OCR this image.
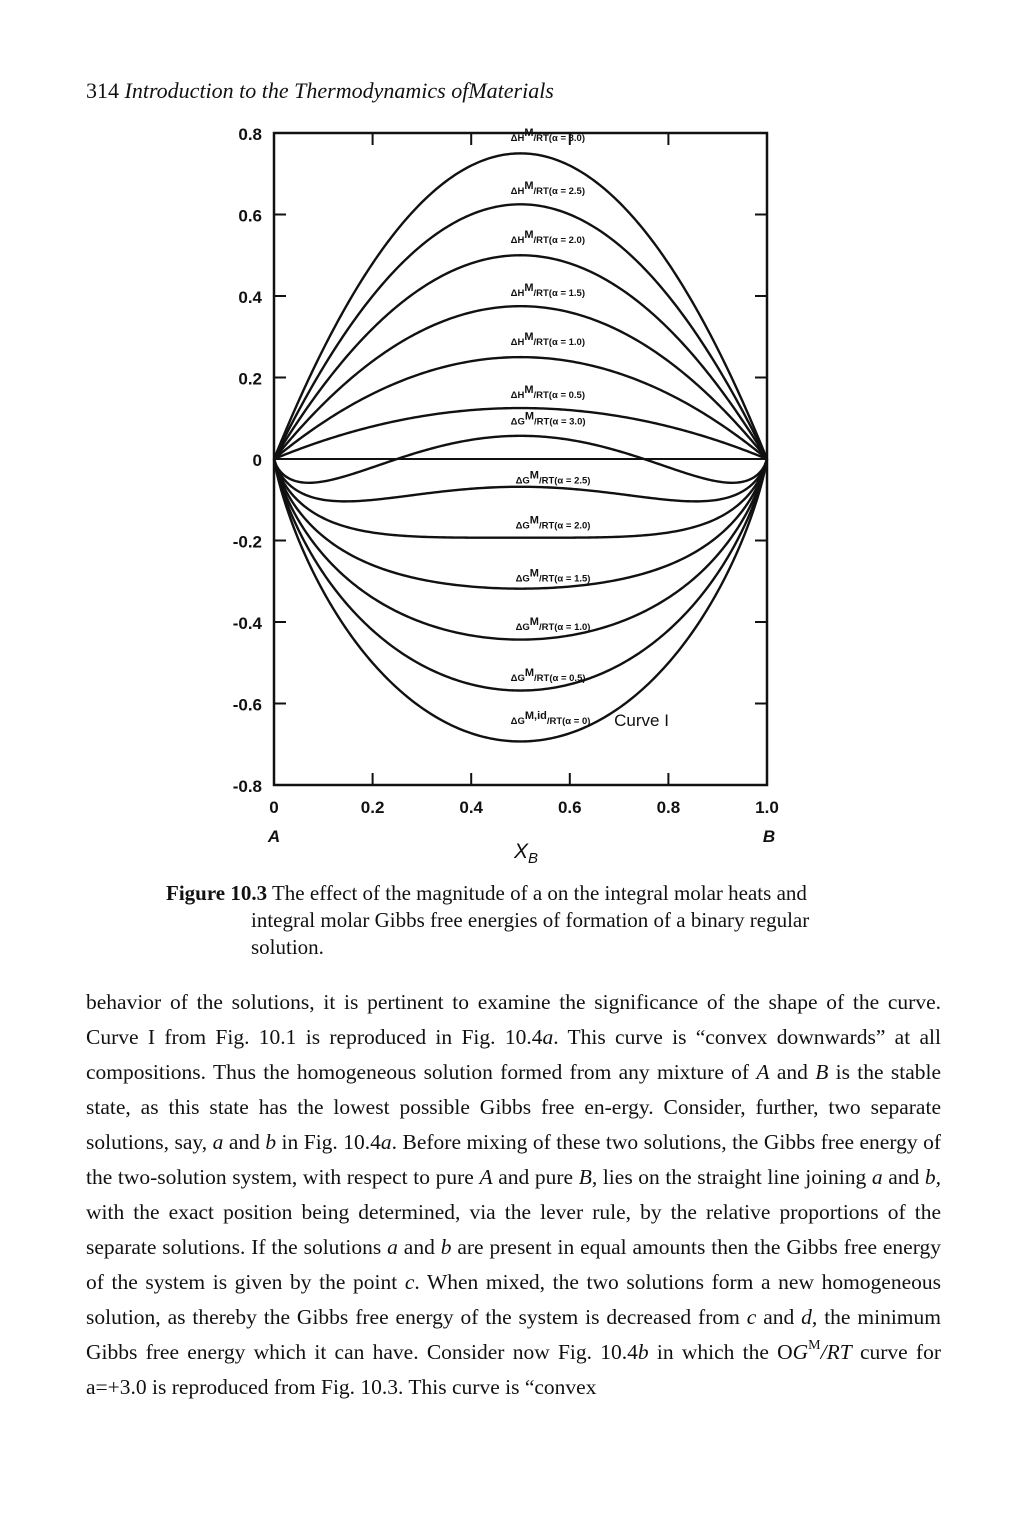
314 Introduction to the Thermodynamics ofMaterials
0.8
0.6
0.4
0.2
0
-0.2
-0.4
-0.6
-0.8
0	0.2	0.4	0.6	0.8	1.0
A	B
$X_B$
ΔHM/RT(α = 3.0)
ΔHM/RT(α = 2.5)
ΔHM/RT(α = 2.0)
ΔHM/RT(α = 1.5)
ΔHM/RT(α = 1.0)
ΔHM/RT(α = 0.5)
ΔGM/RT(α = 3.0)
ΔGM/RT(α = 2.5)
ΔGM/RT(α = 2.0)
ΔGM/RT(α = 1.5)
ΔGM/RT(α = 1.0)
ΔGM/RT(α = 0.5)
ΔGM,id/RT(α = 0) Curve I
Figure 10.3 The effect of the magnitude of a on the integral molar heats and
integral molar Gibbs free energies of formation of a binary regular
solution.

behavior of the solutions, it is pertinent to examine the significance of the shape of the curve. Curve I from Fig. 10.1 is reproduced in Fig. 10.4a. This curve is “convex downwards” at all compositions. Thus the homogeneous solution formed from any mixture of A and B is the stable state, as this state has the lowest possible Gibbs free en-ergy. Consider, further, two separate solutions, say, a and b in Fig. 10.4a. Before mixing of these two solutions, the Gibbs free energy of the two-solution system, with respect to pure A and pure B, lies on the straight line joining a and b, with the exact position being determined, via the lever rule, by the relative proportions of the separate solutions. If the solutions a and b are present in equal amounts then the Gibbs free energy of the system is given by the point c. When mixed, the two solutions form a new homogeneous solution, as thereby the Gibbs free energy of the system is decreased from c and d, the minimum Gibbs free energy which it can have. Consider now Fig. 10.4b in which the $OG^M/RT$ curve for a=+3.0 is reproduced from Fig. 10.3. This curve is “convex
